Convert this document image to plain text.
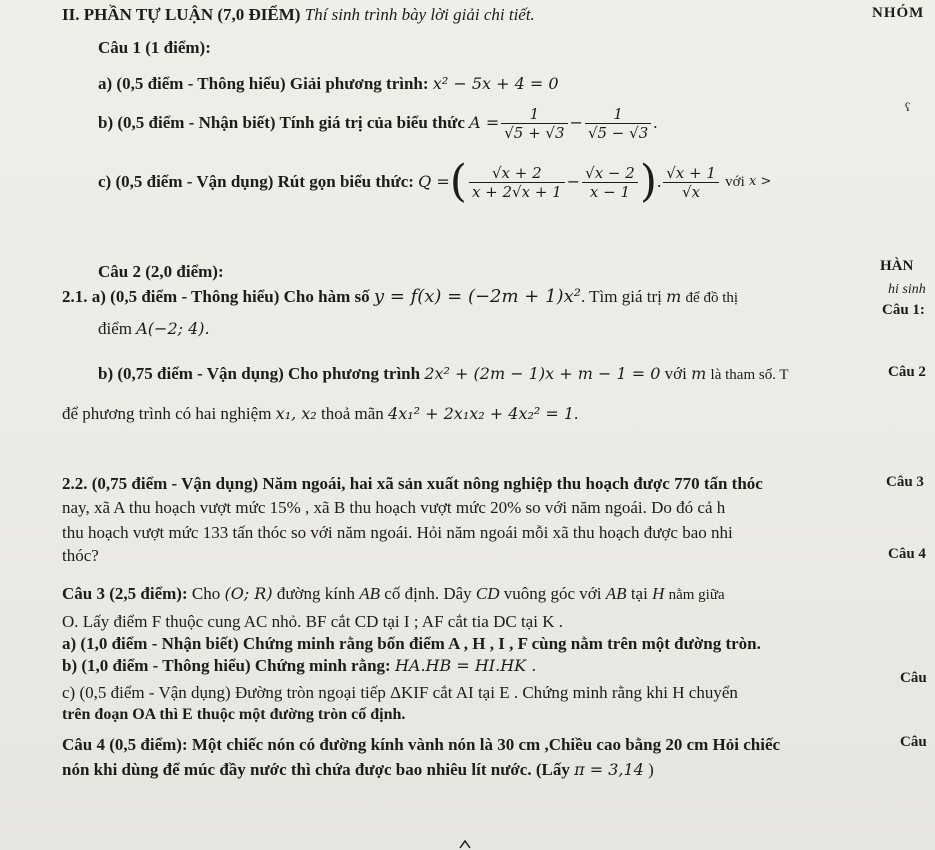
II. PHẦN TỰ LUẬN (7,0 ĐIỂM) Thí sinh trình bày lời giải chi tiết.	NHÓM
Câu 1 (1 điểm):
a) (0,5 điểm - Thông hiểu) Giải phương trình: x² − 5x + 4 = 0
b) (0,5 điểm - Nhận biết) Tính giá trị của biểu thức
$A = \frac{1}{√5 + √3} - \frac{1}{√5 - √3}$ .
c) (0,5 điểm - Vận dụng) Rút gọn biểu thức:
Q = ( $\frac{√x + 2}{x + 2√x + 1} - \frac{√x - 2}{x - 1}$ ) . $\frac{√x + 1}{√x}$
với
x >
Câu 2 (2,0 điểm):
2.1. a) (0,5 điểm - Thông hiểu) Cho hàm số y = f(x) = (−2m + 1)x². Tìm giá trị m để đồ thị
điểm A(−2; 4).
b) (0,75 điểm - Vận dụng) Cho phương trình 2x² + (2m − 1)x + m − 1 = 0 với m là tham số. T
để phương trình có hai nghiệm x₁, x₂ thoả mãn 4x₁² + 2x₁x₂ + 4x₂² = 1.
2.2. (0,75 điểm - Vận dụng) Năm ngoái, hai xã sản xuất nông nghiệp thu hoạch được 770 tấn thóc
nay, xã A thu hoạch vượt mức 15% , xã B thu hoạch vượt mức 20% so với năm ngoái. Do đó cả h
thu hoạch vượt mức 133 tấn thóc so với năm ngoái. Hỏi năm ngoái mỗi xã thu hoạch được bao nhi
thóc?
Câu 3 (2,5 điểm): Cho (O; R) đường kính AB cố định. Dây CD vuông góc với AB tại H nằm giữa
O. Lấy điểm F thuộc cung AC nhỏ. BF cắt CD tại I ; AF cắt tia DC tại K .
a) (1,0 điểm - Nhận biết) Chứng minh rằng bốn điểm A , H , I , F cùng nằm trên một đường tròn.
b) (1,0 điểm - Thông hiểu) Chứng minh rằng: HA.HB = HI.HK .
c) (0,5 điểm - Vận dụng) Đường tròn ngoại tiếp ΔKIF cắt AI tại E . Chứng minh rằng khi H chuyển
trên đoạn OA thì E thuộc một đường tròn cố định.
Câu 4 (0,5 điểm): Một chiếc nón có đường kính vành nón là 30 cm ,Chiều cao bằng 20 cm Hỏi chiếc
nón khi dùng để múc đầy nước thì chứa được bao nhiêu lít nước. (Lấy π = 3,14 )
HÀN
hi sinh
Câu 1:
Câu 2
Câu 3
Câu 4
Câu
Câu
ʕ
